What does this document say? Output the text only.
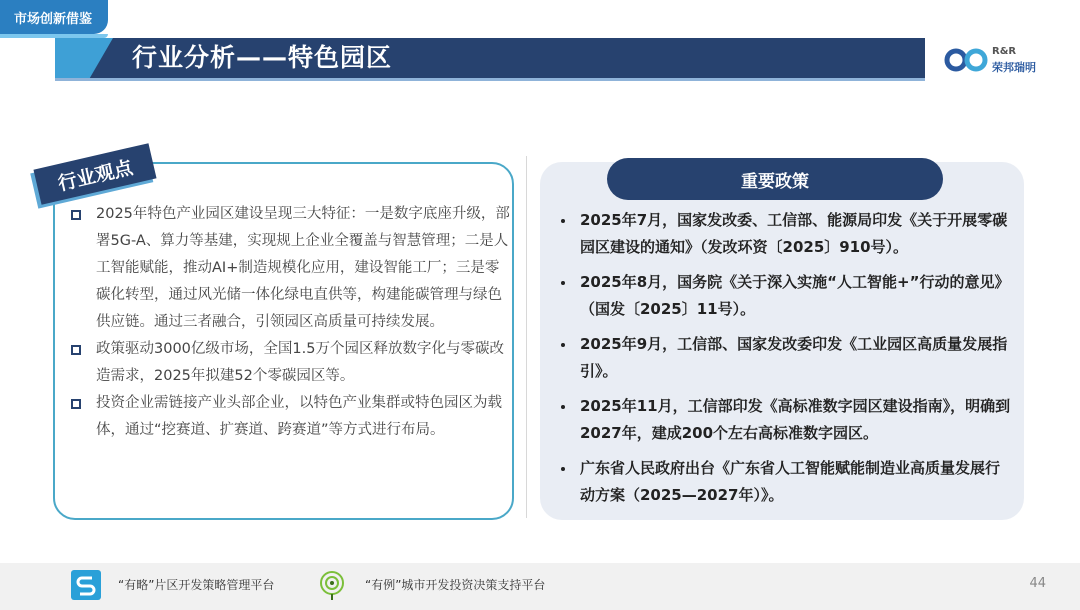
市场创新借鉴
行业分析——特色园区	R&R
荣邦瑞明
行业观点
2025年特色产业园区建设呈现三大特征：一是数字底座升级，部署5G-A、算力等基建，实现规上企业全覆盖与智慧管理；二是人工智能赋能，推动AI+制造规模化应用，建设智能工厂；三是零碳化转型，通过风光储一体化绿电直供等，构建能碳管理与绿色供应链。通过三者融合，引领园区高质量可持续发展。
政策驱动3000亿级市场，全国1.5万个园区释放数字化与零碳改造需求，2025年拟建52个零碳园区等。
投资企业需链接产业头部企业，以特色产业集群或特色园区为载体，通过“挖赛道、扩赛道、跨赛道”等方式进行布局。
重要政策
2025年7月，国家发改委、工信部、能源局印发《关于开展零碳园区建设的通知》（发改环资〔2025〕910号）。
2025年8月，国务院《关于深入实施“人工智能+”行动的意见》（国发〔2025〕11号）。
2025年9月，工信部、国家发改委印发《工业园区高质量发展指引》。
2025年11月，工信部印发《高标准数字园区建设指南》，明确到2027年，建成200个左右高标准数字园区。
广东省人民政府出台《广东省人工智能赋能制造业高质量发展行动方案（2025—2027年）》。
“有略”片区开发策略管理平台	“有例”城市开发投资决策支持平台	44
